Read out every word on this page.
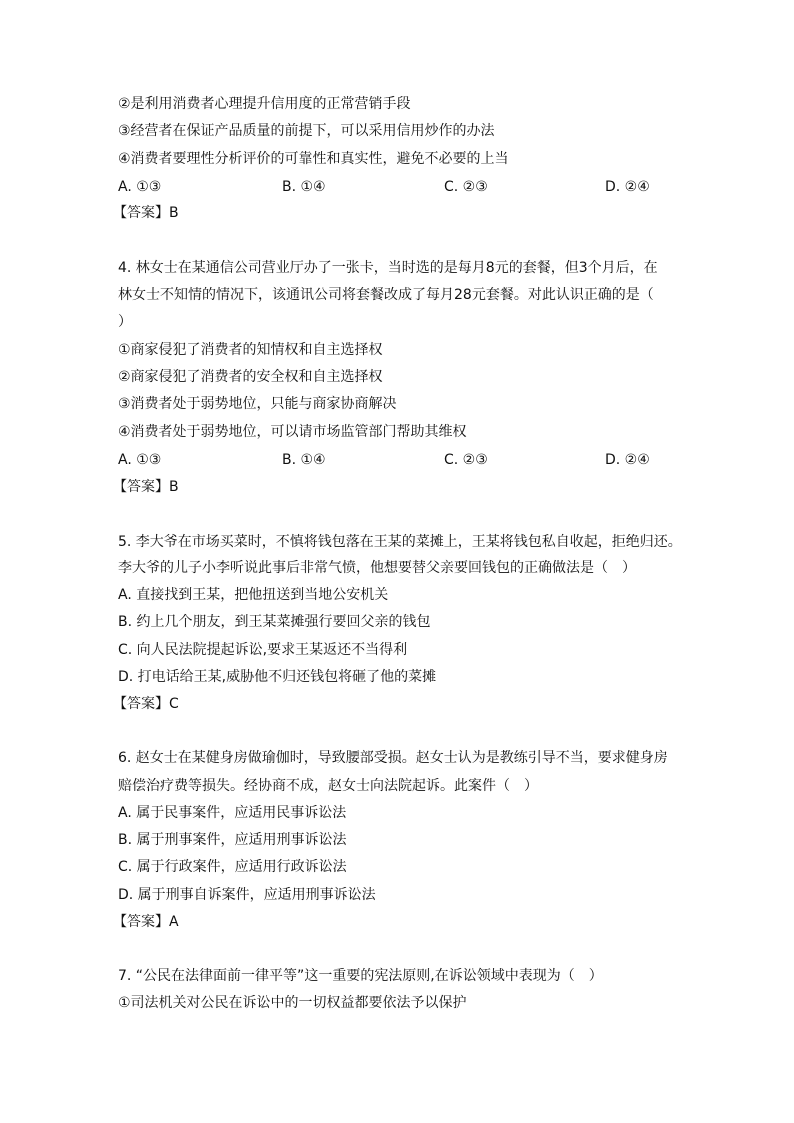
②是利用消费者心理提升信用度的正常营销手段
③经营者在保证产品质量的前提下，可以采用信用炒作的办法
④消费者要理性分析评价的可靠性和真实性，避免不必要的上当
A. ①③	B. ①④	C. ②③	D. ②④
【答案】B
4. 林女士在某通信公司营业厅办了一张卡，当时选的是每月8元的套餐，但3个月后，在
林女士不知情的情况下，该通讯公司将套餐改成了每月28元套餐。对此认识正确的是（
）
①商家侵犯了消费者的知情权和自主选择权
②商家侵犯了消费者的安全权和自主选择权
③消费者处于弱势地位，只能与商家协商解决
④消费者处于弱势地位，可以请市场监管部门帮助其维权
A. ①③	B. ①④	C. ②③	D. ②④
【答案】B
5. 李大爷在市场买菜时，不慎将钱包落在王某的菜摊上，王某将钱包私自收起，拒绝归还。
李大爷的儿子小李听说此事后非常气愤，他想要替父亲要回钱包的正确做法是（　）
A. 直接找到王某，把他扭送到当地公安机关
B. 约上几个朋友，到王某菜摊强行要回父亲的钱包
C. 向人民法院提起诉讼,要求王某返还不当得利
D. 打电话给王某,威胁他不归还钱包将砸了他的菜摊
【答案】C
6. 赵女士在某健身房做瑜伽时，导致腰部受损。赵女士认为是教练引导不当，要求健身房
赔偿治疗费等损失。经协商不成，赵女士向法院起诉。此案件（　）
A. 属于民事案件，应适用民事诉讼法
B. 属于刑事案件，应适用刑事诉讼法
C. 属于行政案件，应适用行政诉讼法
D. 属于刑事自诉案件，应适用刑事诉讼法
【答案】A
7. “公民在法律面前一律平等”这一重要的宪法原则,在诉讼领域中表现为（　）
①司法机关对公民在诉讼中的一切权益都要依法予以保护
